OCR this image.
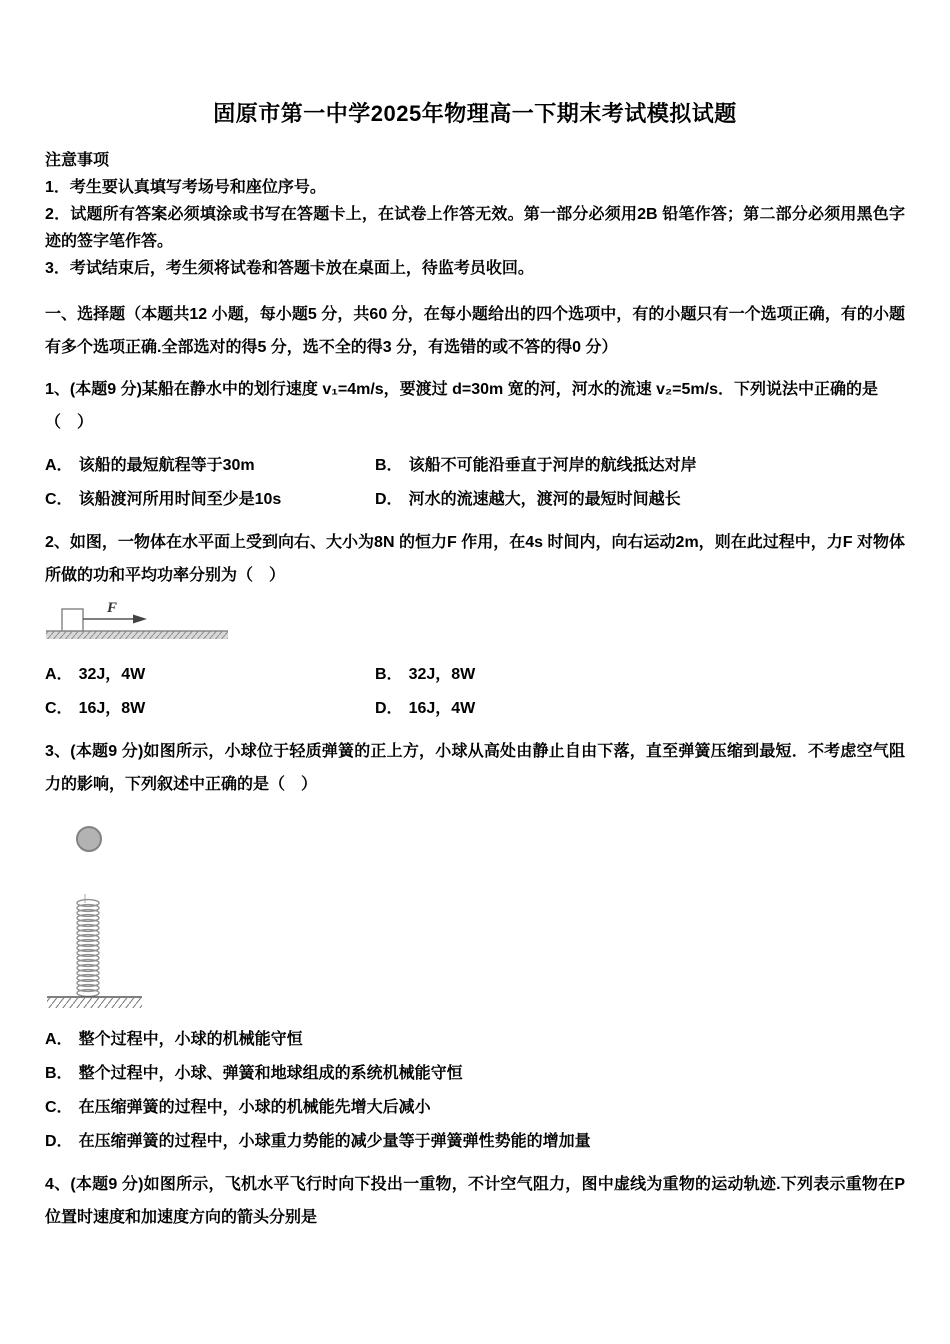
固原市第一中学2025年物理高一下期末考试模拟试题
注意事项

1．考生要认真填写考场号和座位序号。

2．试题所有答案必须填涂或书写在答题卡上，在试卷上作答无效。第一部分必须用2B 铅笔作答；第二部分必须用黑色字迹的签字笔作答。

3．考试结束后，考生须将试卷和答题卡放在桌面上，待监考员收回。

一、选择题（本题共12 小题，每小题5 分，共60 分，在每小题给出的四个选项中，有的小题只有一个选项正确，有的小题有多个选项正确.全部选对的得5 分，选不全的得3 分，有选错的或不答的得0 分）

1、(本题9 分)某船在静水中的划行速度 v₁=4m/s，要渡过 d=30m 宽的河，河水的流速 v₂=5m/s．下列说法中正确的是

（　）

A． 该船的最短航程等于30m	B． 该船不可能沿垂直于河岸的航线抵达对岸
C． 该船渡河所用时间至少是10s	D． 河水的流速越大，渡河的最短时间越长

2、如图，一物体在水平面上受到向右、大小为8N 的恒力F 作用，在4s 时间内，向右运动2m，则在此过程中，力F 对物体所做的功和平均功率分别为（　）

F
A． 32J，4W	B． 32J，8W
C． 16J，8W	D． 16J，4W

3、(本题9 分)如图所示，小球位于轻质弹簧的正上方，小球从高处由静止自由下落，直至弹簧压缩到最短．不考虑空气阻力的影响，下列叙述中正确的是（　）

A． 整个过程中，小球的机械能守恒
B． 整个过程中，小球、弹簧和地球组成的系统机械能守恒
C． 在压缩弹簧的过程中，小球的机械能先增大后减小
D． 在压缩弹簧的过程中，小球重力势能的减少量等于弹簧弹性势能的增加量

4、(本题9 分)如图所示，飞机水平飞行时向下投出一重物，不计空气阻力，图中虚线为重物的运动轨迹.下列表示重物在P 位置时速度和加速度方向的箭头分别是
